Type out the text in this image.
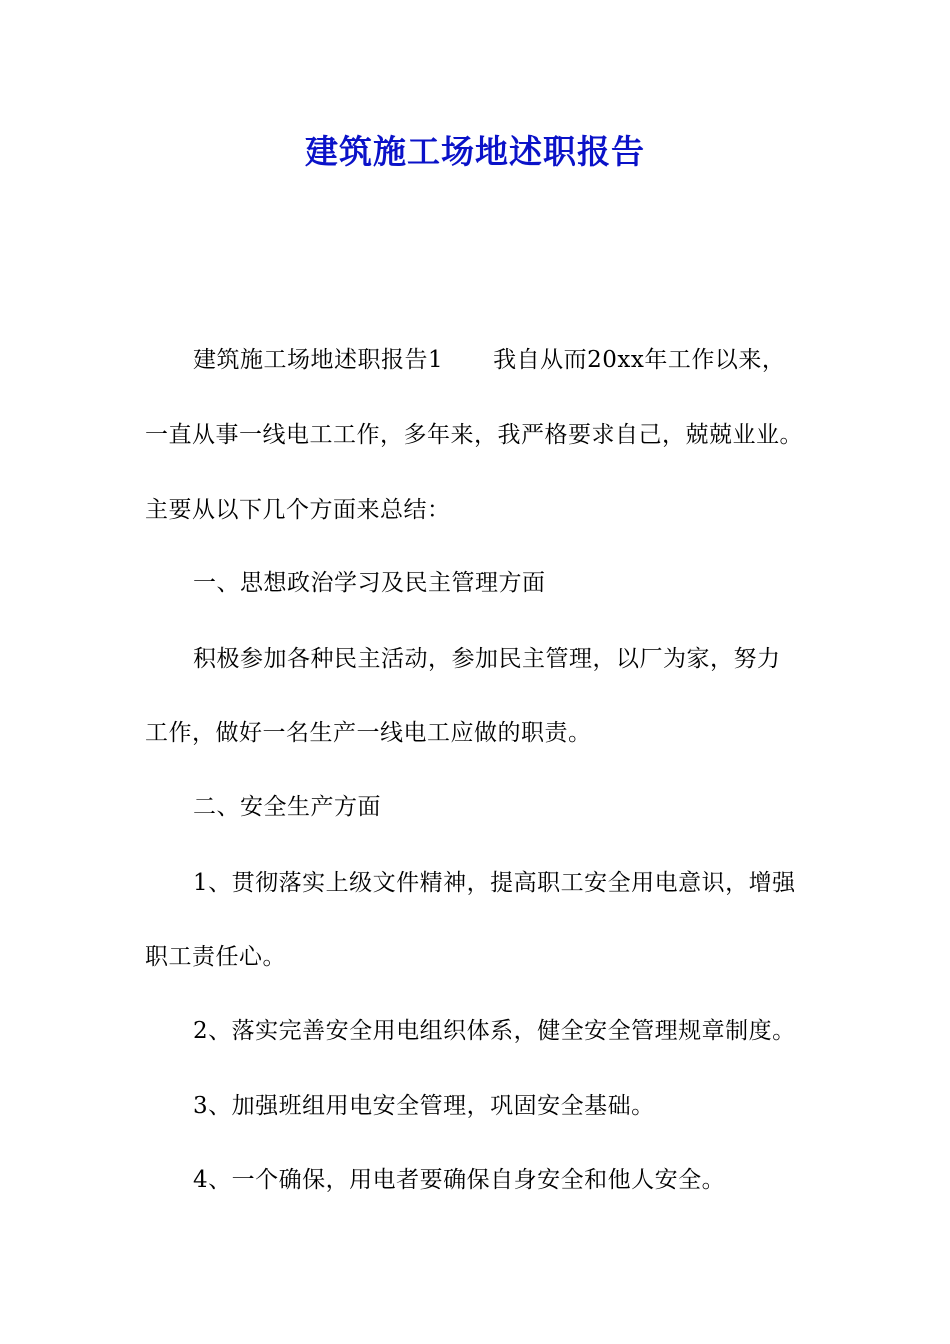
建筑施工场地述职报告
建筑施工场地述职报告1 我自从而20xx年工作以来，
一直从事一线电工工作，多年来，我严格要求自己，兢兢业业。
主要从以下几个方面来总结：
一、思想政治学习及民主管理方面
积极参加各种民主活动，参加民主管理，以厂为家，努力
工作，做好一名生产一线电工应做的职责。
二、安全生产方面
1、贯彻落实上级文件精神，提高职工安全用电意识，增强
职工责任心。
2、落实完善安全用电组织体系，健全安全管理规章制度。
3、加强班组用电安全管理，巩固安全基础。
4、一个确保，用电者要确保自身安全和他人安全。
